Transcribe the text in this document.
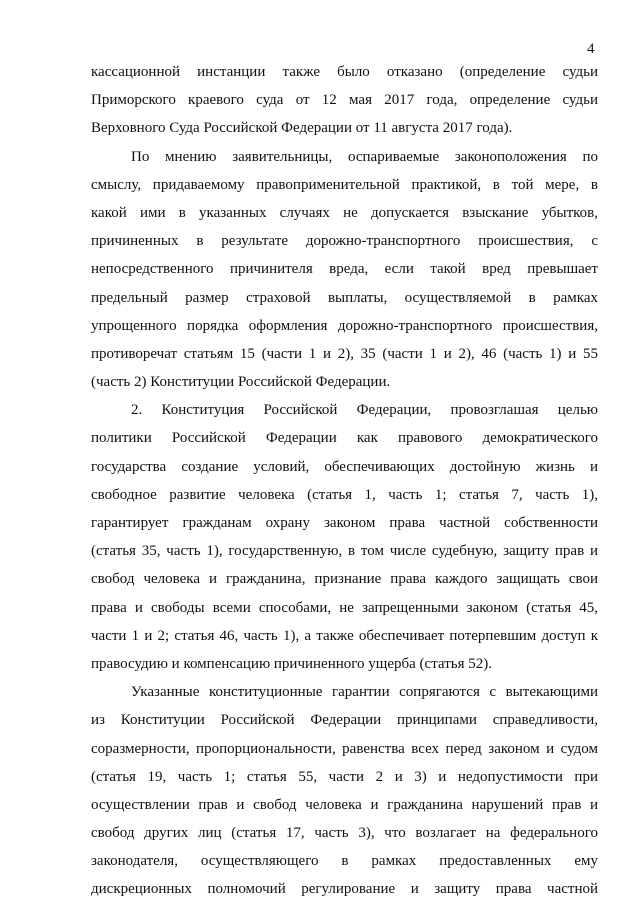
4
кассационной инстанции также было отказано (определение судьи
Приморского краевого суда от 12 мая 2017 года, определение судьи
Верховного Суда Российской Федерации от 11 августа 2017 года).
По мнению заявительницы, оспариваемые законоположения по
смыслу, придаваемому правоприменительной практикой, в той мере, в
какой ими в указанных случаях не допускается взыскание убытков,
причиненных в результате дорожно-транспортного происшествия, с
непосредственного причинителя вреда, если такой вред превышает
предельный размер страховой выплаты, осуществляемой в рамках
упрощенного порядка оформления дорожно-транспортного происшествия,
противоречат статьям 15 (части 1 и 2), 35 (части 1 и 2), 46 (часть 1) и 55
(часть 2) Конституции Российской Федерации.
2. Конституция Российской Федерации, провозглашая целью
политики Российской Федерации как правового демократического
государства создание условий, обеспечивающих достойную жизнь и
свободное развитие человека (статья 1, часть 1; статья 7, часть 1),
гарантирует гражданам охрану законом права частной собственности
(статья 35, часть 1), государственную, в том числе судебную, защиту прав и
свобод человека и гражданина, признание права каждого защищать свои
права и свободы всеми способами, не запрещенными законом (статья 45,
части 1 и 2; статья 46, часть 1), а также обеспечивает потерпевшим доступ к
правосудию и компенсацию причиненного ущерба (статья 52).
Указанные конституционные гарантии сопрягаются с вытекающими
из Конституции Российской Федерации принципами справедливости,
соразмерности, пропорциональности, равенства всех перед законом и судом
(статья 19, часть 1; статья 55, части 2 и 3) и недопустимости при
осуществлении прав и свобод человека и гражданина нарушений прав и
свобод других лиц (статья 17, часть 3), что возлагает на федерального
законодателя, осуществляющего в рамках предоставленных ему
дискреционных полномочий регулирование и защиту права частной
